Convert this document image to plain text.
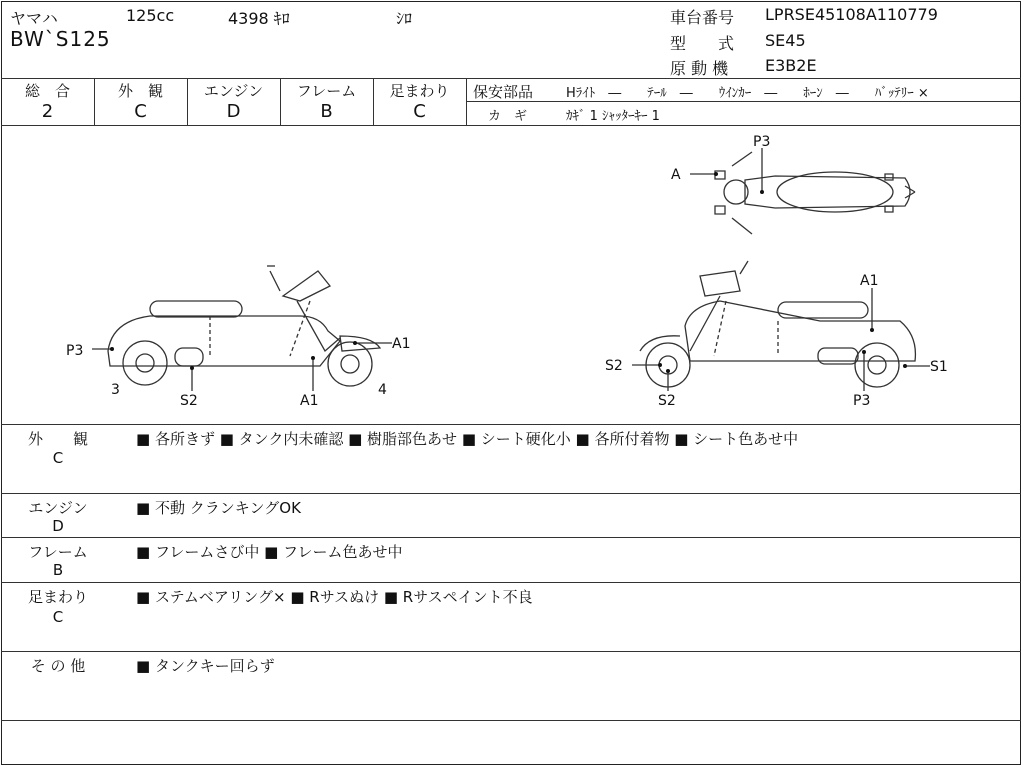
ヤマハ	125cc	4398 ｷﾛ	ｼﾛ
BW`S125
車台番号 LPRSE45108A110779
型　　式 SE45
原 動 機 E3B2E
総　合	外　観	エンジン	フレーム	足まわり
2	C	D	B	C
保安部品	Hﾗｲﾄ　―　　ﾃｰﾙ　―　　ｳｲﾝｶｰ　―　　ﾎｰﾝ　―　　ﾊﾞｯﾃﾘｰ ×
カ　ギ	ｶｷﾞ 1 ｼｬｯﾀｰｷｰ 1
P3
A
P3	A1
S2	A1
3	4
A1
S2
S2
S1
P3
外　　観
C
■ 各所きず ■ タンク内未確認 ■ 樹脂部色あせ ■ シート硬化小 ■ 各所付着物 ■ シート色あせ中
エンジン
D
■ 不動 クランキングOK
フレーム
B
■ フレームさび中 ■ フレーム色あせ中
足まわり
C
■ ステムベアリング× ■ Rサスぬけ ■ Rサスペイント不良
そ の 他	■ タンクキー回らず
